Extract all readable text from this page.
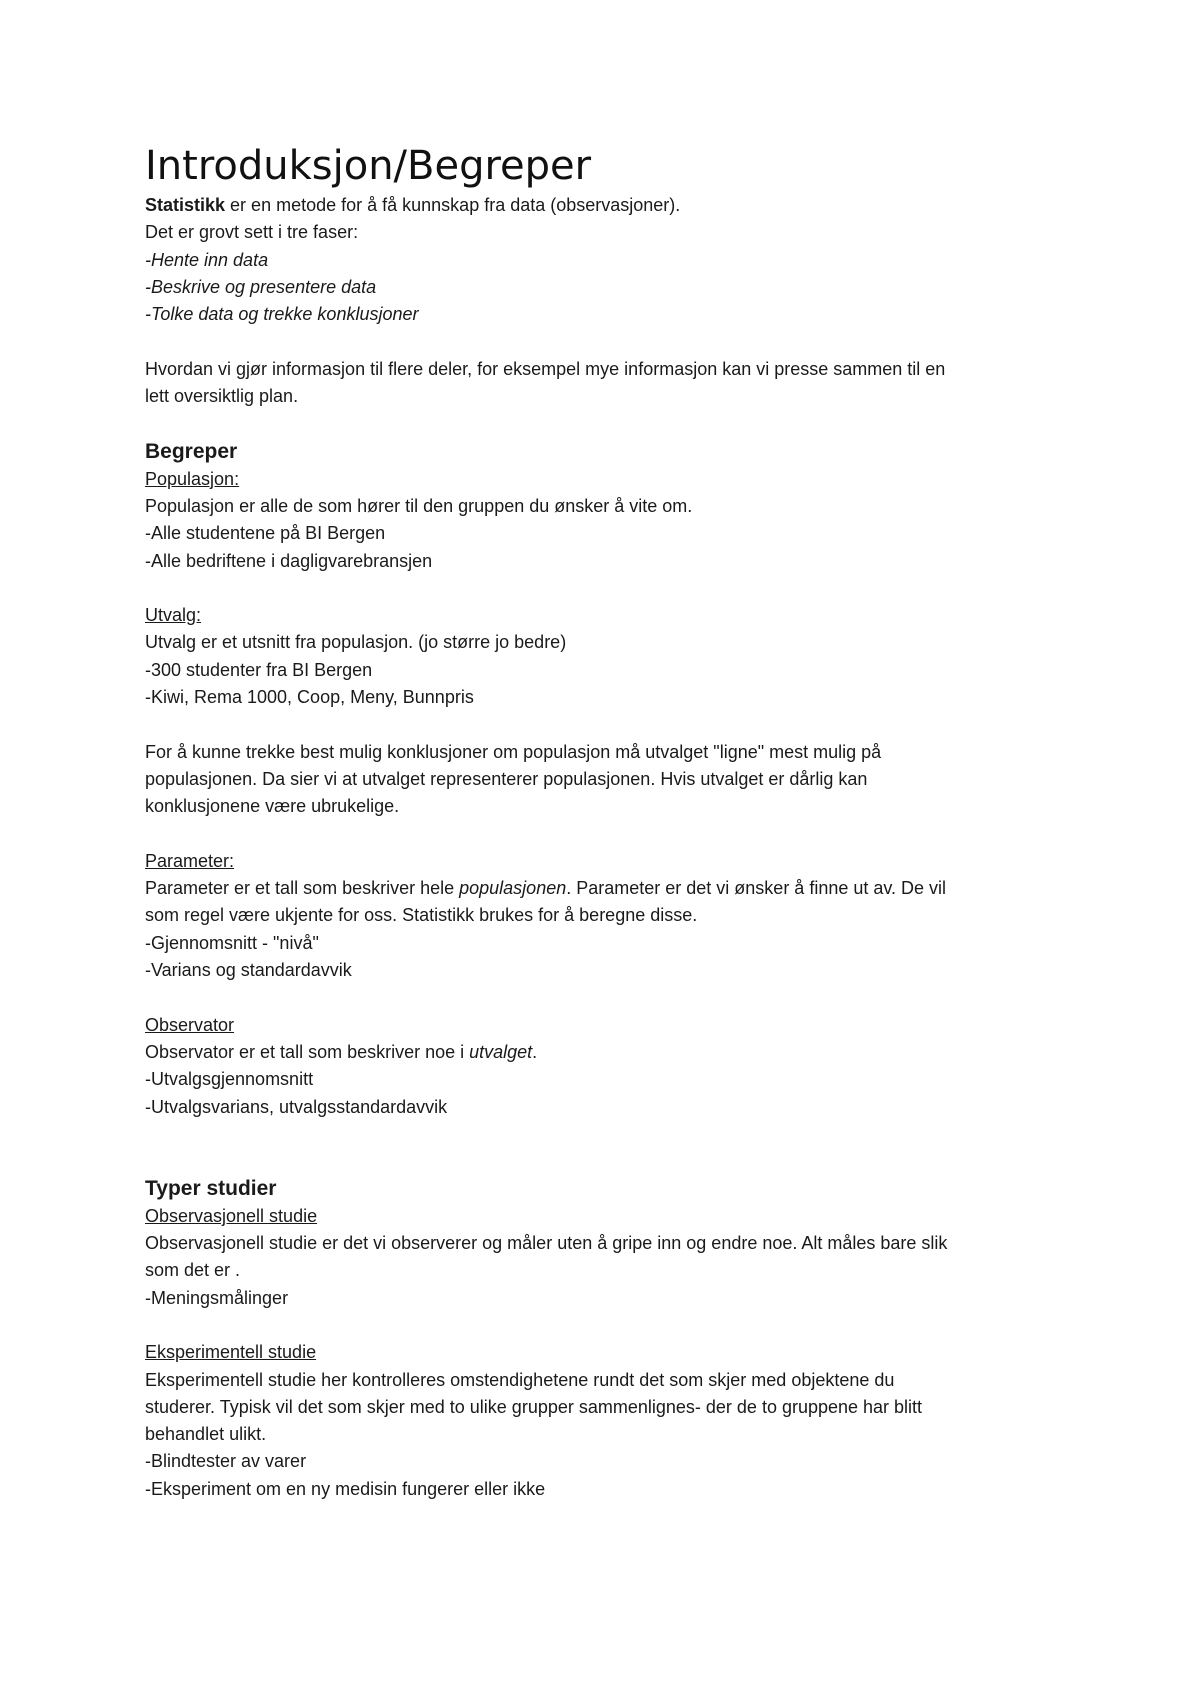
Introduksjon/Begreper

Statistikk er en metode for å få kunnskap fra data (observasjoner).

Det er grovt sett i tre faser:

-Hente inn data

-Beskrive og presentere data

-Tolke data og trekke konklusjoner

Hvordan vi gjør informasjon til flere deler, for eksempel mye informasjon kan vi presse sammen til en

lett oversiktlig plan.

Begreper

Populasjon:

Populasjon er alle de som hører til den gruppen du ønsker å vite om.

-Alle studentene på BI Bergen

-Alle bedriftene i dagligvarebransjen

Utvalg:

Utvalg er et utsnitt fra populasjon. (jo større jo bedre)

-300 studenter fra BI Bergen

-Kiwi, Rema 1000, Coop, Meny, Bunnpris

For å kunne trekke best mulig konklusjoner om populasjon må utvalget "ligne" mest mulig på

populasjonen. Da sier vi at utvalget representerer populasjonen. Hvis utvalget er dårlig kan

konklusjonene være ubrukelige.

Parameter:

Parameter er et tall som beskriver hele populasjonen. Parameter er det vi ønsker å finne ut av. De vil

som regel være ukjente for oss. Statistikk brukes for å beregne disse.

-Gjennomsnitt - "nivå"

-Varians og standardavvik

Observator

Observator er et tall som beskriver noe i utvalget.

-Utvalgsgjennomsnitt

-Utvalgsvarians, utvalgsstandardavvik

Typer studier

Observasjonell studie

Observasjonell studie er det vi observerer og måler uten å gripe inn og endre noe. Alt måles bare slik

som det er .

-Meningsmålinger

Eksperimentell studie

Eksperimentell studie her kontrolleres omstendighetene rundt det som skjer med objektene du

studerer. Typisk vil det som skjer med to ulike grupper sammenlignes- der de to gruppene har blitt

behandlet ulikt.

-Blindtester av varer

-Eksperiment om en ny medisin fungerer eller ikke
